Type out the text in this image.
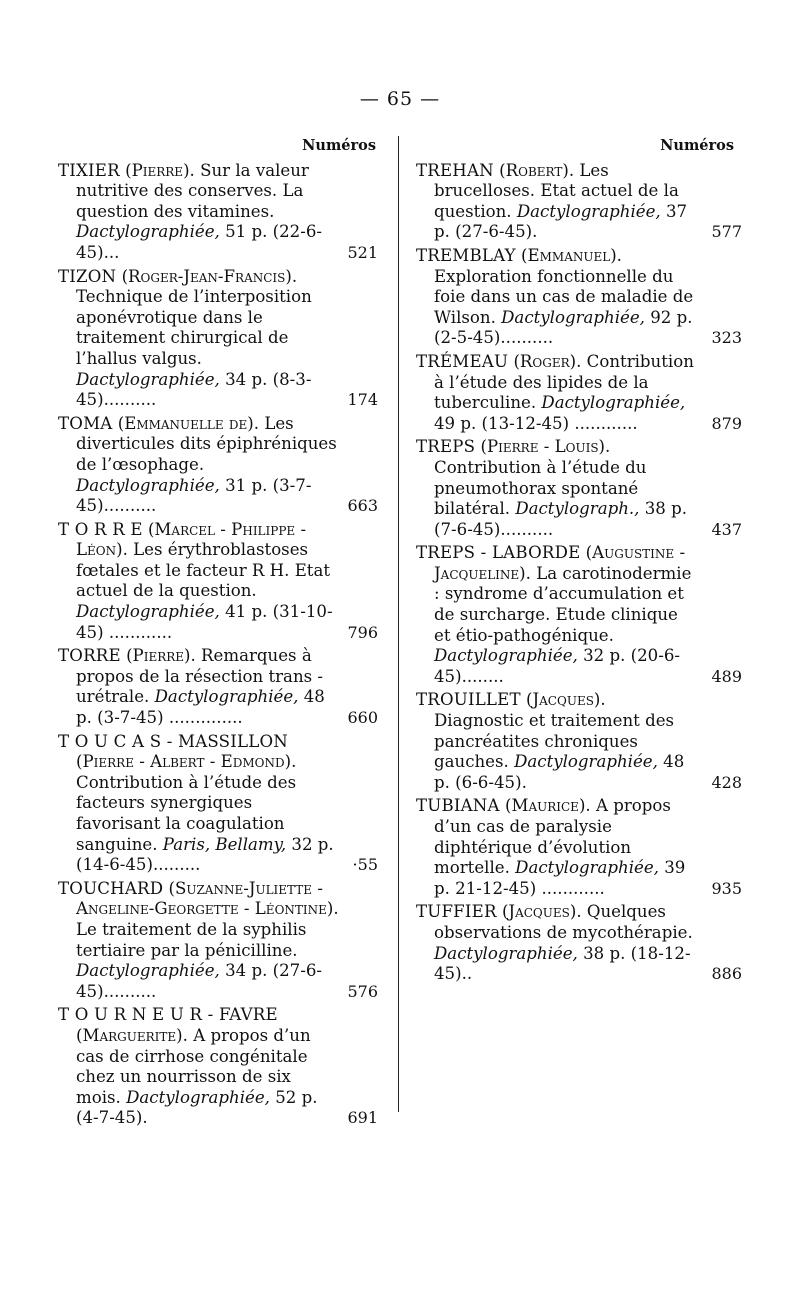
— 65 —
Numéros
TIXIER (Pierre). Sur la valeur nutritive des conserves. La question des vitamines. Dactylographiée, 51 p. (22-6-45)...	521
TIZON (Roger-Jean-Francis). Technique de l’interposition aponévrotique dans le traitement chirurgical de l’hallus valgus. Dactylographiée, 34 p. (8-3-45)..........	174
TOMA (Emmanuelle de). Les diverticules dits épiphréniques de l’œsophage. Dactylographiée, 31 p. (3-7-45)..........	663
T O R R E (Marcel - Philippe - Léon). Les érythroblastoses fœtales et le facteur R H. Etat actuel de la question. Dactylographiée, 41 p. (31-10-45) ............	796
TORRE (Pierre). Remarques à propos de la résection trans - urétrale. Dactylographiée, 48 p. (3-7-45) ..............	660
T O U C A S - MASSILLON (Pierre - Albert - Edmond). Contribution à l’étude des facteurs synergiques favorisant la coagulation sanguine. Paris, Bellamy, 32 p. (14-6-45).........	·55
TOUCHARD (Suzanne-Juliette - Angeline-Georgette - Léontine). Le traitement de la syphilis tertiaire par la pénicilline. Dactylographiée, 34 p. (27-6-45)..........	576
T O U R N E U R - FAVRE (Marguerite). A propos d’un cas de cirrhose congénitale chez un nourrisson de six mois. Dactylographiée, 52 p. (4-7-45).	691
Numéros
TREHAN (Robert). Les brucelloses. Etat actuel de la question. Dactylographiée, 37 p. (27-6-45).	577
TREMBLAY (Emmanuel). Exploration fonctionnelle du foie dans un cas de maladie de Wilson. Dactylographiée, 92 p. (2-5-45)..........	323
TRÉMEAU (Roger). Contribution à l’étude des lipides de la tuberculine. Dactylographiée, 49 p. (13-12-45) ............	879
TREPS (Pierre - Louis). Contribution à l’étude du pneumothorax spontané bilatéral. Dactylograph., 38 p. (7-6-45)..........	437
TREPS - LABORDE (Augustine - Jacqueline). La carotinodermie : syndrome d’accumulation et de surcharge. Etude clinique et étio-pathogénique. Dactylographiée, 32 p. (20-6-45)........	489
TROUILLET (Jacques). Diagnostic et traitement des pancréatites chroniques gauches. Dactylographiée, 48 p. (6-6-45).	428
TUBIANA (Maurice). A propos d’un cas de paralysie diphtérique d’évolution mortelle. Dactylographiée, 39 p. 21-12-45) ............	935
TUFFIER (Jacques). Quelques observations de mycothérapie. Dactylographiée, 38 p. (18-12-45)..	886
